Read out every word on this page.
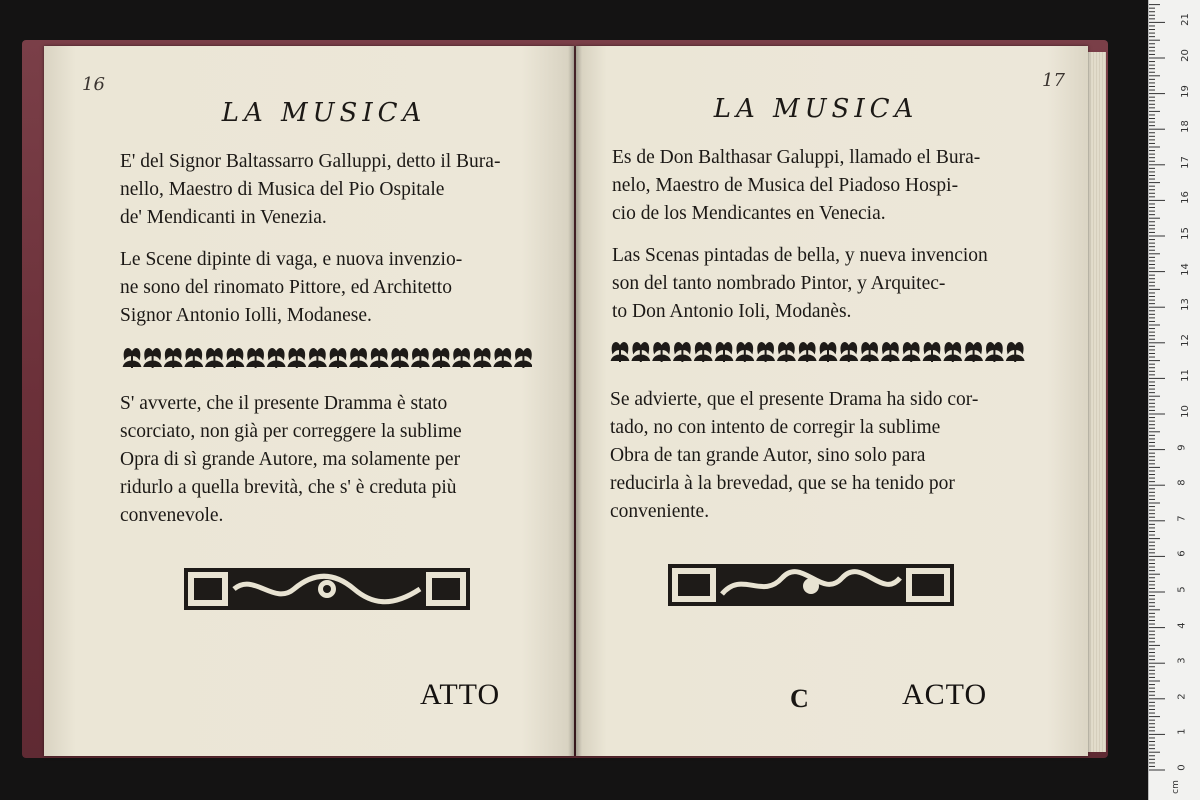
16
LA MUSICA
E' del Signor Baltassarro Galluppi, detto il Bura-
nello, Maestro di Musica del Pio Ospitale
de' Mendicanti in Venezia.
Le Scene dipinte di vaga, e nuova invenzio-
ne sono del rinomato Pittore, ed Architetto
Signor Antonio Iolli, Modanese.
S' avverte, che il presente Dramma è stato
scorciato, non già per correggere la sublime
Opra di sì grande Autore, ma solamente per
ridurlo a quella brevità, che s' è creduta più
convenevole.
ATTO
17
LA MUSICA
Es de Don Balthasar Galuppi, llamado el Bura-
nelo, Maestro de Musica del Piadoso Hospi-
cio de los Mendicantes en Venecia.
Las Scenas pintadas de bella, y nueva invencion
son del tanto nombrado Pintor, y Arquitec-
to Don Antonio Ioli, Modanès.
Se advierte, que el presente Drama ha sido cor-
tado, no con intento de corregir la sublime
Obra de tan grande Autor, sino solo para
reducirla à la brevedad, que se ha tenido por
conveniente.
C	ACTO
0
1
2
3
4
5
6
7
8
9
10
11
12
13
14
15
16
17
18
19
20
21
cm
